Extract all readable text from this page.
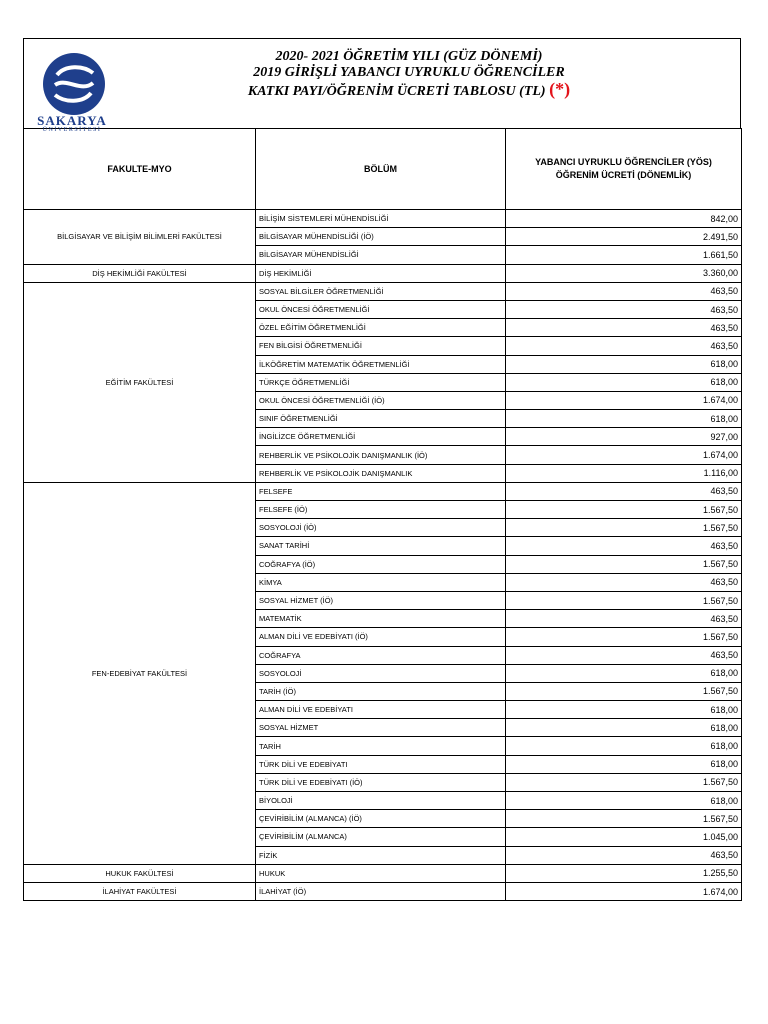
SAKARYA
ÜNİVERSİTESİ
2020- 2021 ÖĞRETİM YILI (GÜZ DÖNEMİ)
2019 GİRİŞLİ YABANCI UYRUKLU ÖĞRENCİLER
KATKI PAYI/ÖĞRENİM ÜCRETİ TABLOSU (TL) (*)
FAKULTE-MYO	BÖLÜM	YABANCI UYRUKLU ÖĞRENCİLER (YÖS)
ÖĞRENİM ÜCRETİ (DÖNEMLİK)

BİLGİSAYAR VE BİLİŞİM BİLİMLERİ FAKÜLTESİ	BİLİŞİM SİSTEMLERİ MÜHENDİSLİĞİ	842,00
	BİLGİSAYAR MÜHENDİSLİĞİ (İÖ)	2.491,50
	BİLGİSAYAR MÜHENDİSLİĞİ	1.661,50
DİŞ HEKİMLİĞİ FAKÜLTESİ	DİŞ HEKİMLİĞİ	3.360,00
EĞİTİM FAKÜLTESİ	SOSYAL BİLGİLER ÖĞRETMENLİĞİ	463,50
	OKUL ÖNCESİ ÖĞRETMENLİĞİ	463,50
	ÖZEL EĞİTİM ÖĞRETMENLİĞİ	463,50
	FEN BİLGİSİ ÖĞRETMENLİĞİ	463,50
	İLKÖĞRETİM MATEMATİK ÖĞRETMENLİĞİ	618,00
	TÜRKÇE ÖĞRETMENLİĞİ	618,00
	OKUL ÖNCESİ ÖĞRETMENLİĞİ (İÖ)	1.674,00
	SINIF ÖĞRETMENLİĞİ	618,00
	İNGİLİZCE ÖĞRETMENLİĞİ	927,00
	REHBERLİK VE PSİKOLOJİK DANIŞMANLIK (İÖ)	1.674,00
	REHBERLİK VE PSİKOLOJİK DANIŞMANLIK	1.116,00
FEN-EDEBİYAT FAKÜLTESİ	FELSEFE	463,50
	FELSEFE (İÖ)	1.567,50
	SOSYOLOJİ (İÖ)	1.567,50
	SANAT TARİHİ	463,50
	COĞRAFYA (İÖ)	1.567,50
	KİMYA	463,50
	SOSYAL HİZMET (İÖ)	1.567,50
	MATEMATİK	463,50
	ALMAN DİLİ VE EDEBİYATI (İÖ)	1.567,50
	COĞRAFYA	463,50
	SOSYOLOJİ	618,00
	TARİH (İÖ)	1.567,50
	ALMAN DİLİ VE EDEBİYATI	618,00
	SOSYAL HİZMET	618,00
	TARİH	618,00
	TÜRK DİLİ VE EDEBİYATI	618,00
	TÜRK DİLİ VE EDEBİYATI (İÖ)	1.567,50
	BİYOLOJİ	618,00
	ÇEVİRİBİLİM (ALMANCA) (İÖ)	1.567,50
	ÇEVİRİBİLİM (ALMANCA)	1.045,00
	FİZİK	463,50
HUKUK FAKÜLTESİ	HUKUK	1.255,50
İLAHİYAT FAKÜLTESİ	İLAHİYAT (İÖ)	1.674,00
